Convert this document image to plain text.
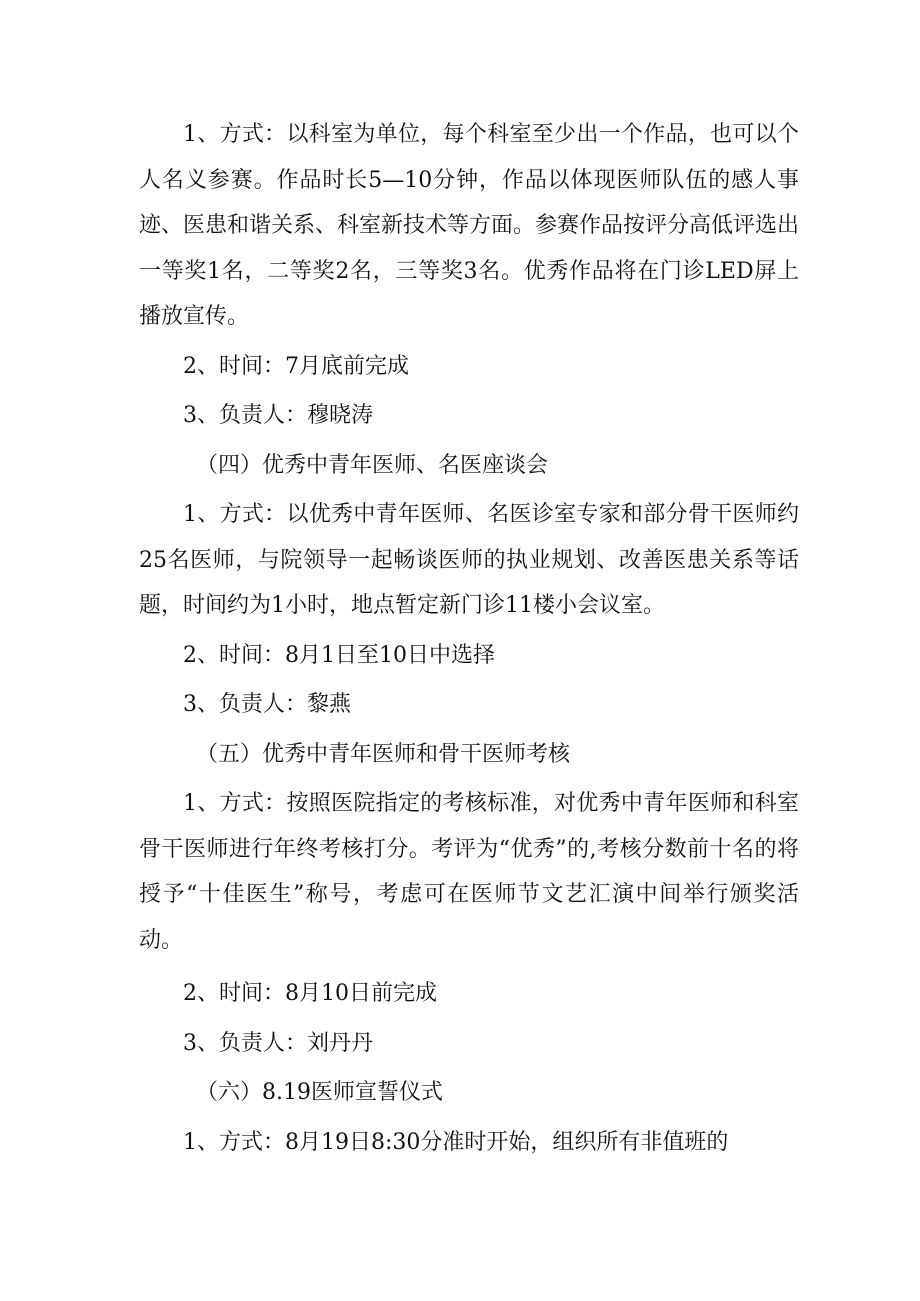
1、方式：以科室为单位，每个科室至少出一个作品，也可以个人名义参赛。作品时长5—10分钟，作品以体现医师队伍的感人事迹、医患和谐关系、科室新技术等方面。参赛作品按评分高低评选出一等奖1名，二等奖2名，三等奖3名。优秀作品将在门诊LED屏上播放宣传。

2、时间：7月底前完成

3、负责人：穆晓涛

（四）优秀中青年医师、名医座谈会

1、方式：以优秀中青年医师、名医诊室专家和部分骨干医师约25名医师，与院领导一起畅谈医师的执业规划、改善医患关系等话题，时间约为1小时，地点暂定新门诊11楼小会议室。

2、时间：8月1日至10日中选择

3、负责人：黎燕

（五）优秀中青年医师和骨干医师考核

1、方式：按照医院指定的考核标准，对优秀中青年医师和科室骨干医师进行年终考核打分。考评为“优秀”的,考核分数前十名的将授予“十佳医生”称号，考虑可在医师节文艺汇演中间举行颁奖活动。

2、时间：8月10日前完成

3、负责人：刘丹丹

（六）8.19医师宣誓仪式

1、方式：8月19日8:30分准时开始，组织所有非值班的
